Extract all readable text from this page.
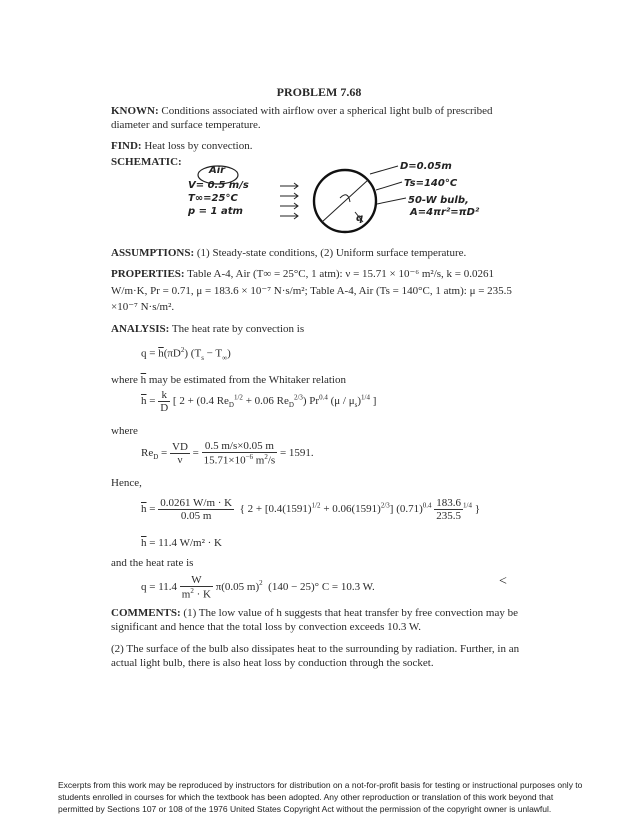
PROBLEM 7.68
KNOWN: Conditions associated with airflow over a spherical light bulb of prescribed diameter and surface temperature.
FIND: Heat loss by convection.
SCHEMATIC:
Air
V= 0.5 m/s
T∞=25°C
p = 1 atm
D=0.05m
Ts=140°C
50-W bulb,
A=4πr²=πD²
q
ASSUMPTIONS: (1) Steady-state conditions, (2) Uniform surface temperature.
PROPERTIES: Table A-4, Air (T∞ = 25°C, 1 atm): ν = 15.71 × 10⁻⁶ m²/s, k = 0.0261
W/m·K, Pr = 0.71, μ = 183.6 × 10⁻⁷ N·s/m²; Table A-4, Air (Ts = 140°C, 1 atm): μ = 235.5
×10⁻⁷ N·s/m².
ANALYSIS: The heat rate by convection is
$q = \overline{h}(\pi D^2) (T_s - T_\infty)$
where $\overline{h}$ may be estimated from the Whitaker relation
$\overline{h} = \frac{k}{D}$ [ 2 + (0.4 $Re_D^{1/2} + 0.06$ $Re_D^{2/3}$) $Pr^{0.4}$ $(\mu / \mu_s)^{1/4}$ ]
where
$Re_D = \frac{VD}{\nu} = \frac{0.5 m/s\times 0.05 m}{15.71\times 10^{-6} m^2/s} = 1591$.
Hence,
$\overline{h} = \frac{0.0261 W/m \cdot K}{0.05 m}$ { $2 + [0.4(1591)^{1/2} + 0.06(1591)^{2/3}]$ $(0.71)^{0.4} \frac{183.6}{235.5} ^{1/4}$ }
$\overline{h} = 11.4$ W/m² · K
and the heat rate is
$q = 11.4 \frac{W}{m^2 \cdot K} \pi(0.05$ m)$^2$ (140 − 25)° C = 10.3 W.	<
COMMENTS: (1) The low value of h suggests that heat transfer by free convection may be significant and hence that the total loss by convection exceeds 10.3 W.
(2) The surface of the bulb also dissipates heat to the surrounding by radiation. Further, in an actual light bulb, there is also heat loss by conduction through the socket.
Excerpts from this work may be reproduced by instructors for distribution on a not-for-profit basis for testing or instructional purposes only to students enrolled in courses for which the textbook has been adopted. Any other reproduction or translation of this work beyond that permitted by Sections 107 or 108 of the 1976 United States Copyright Act without the permission of the copyright owner is unlawful.
